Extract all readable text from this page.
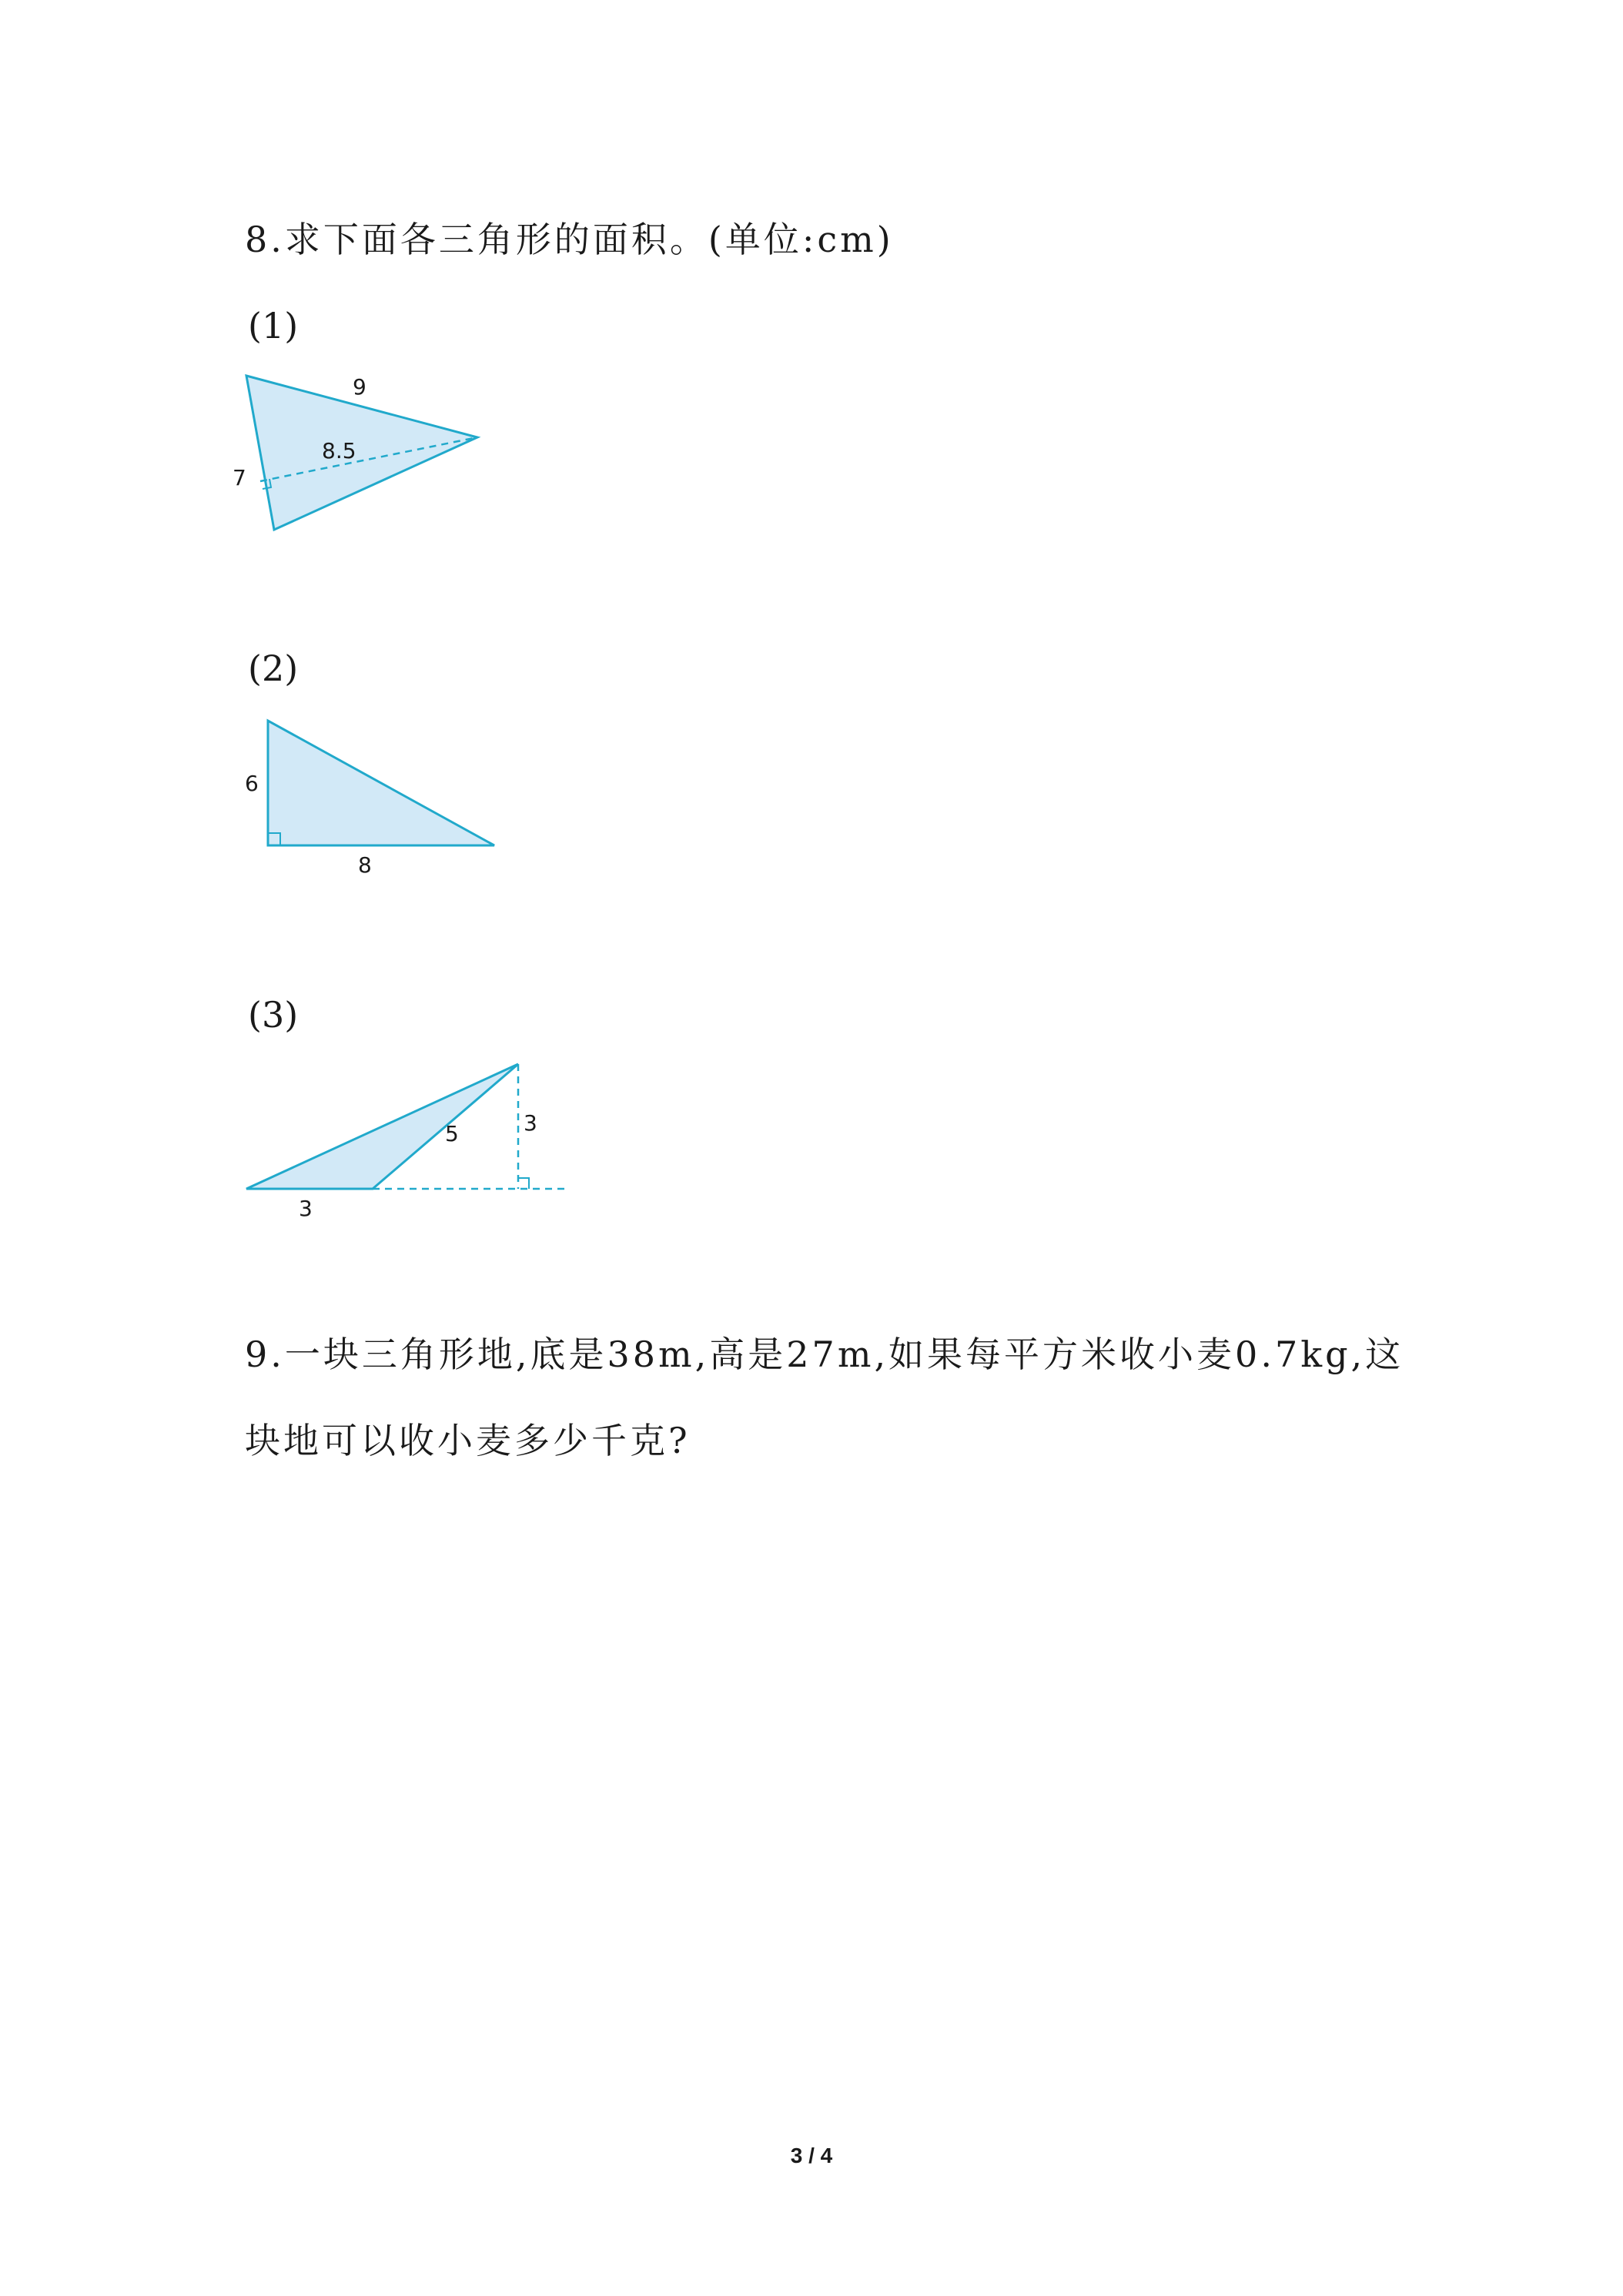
8.求下面各三角形的面积。(单位:cm)
(1)
9
8.5
7
(2)
6
8
(3)
3
5	3
9.一块三角形地,底是38m,高是27m,如果每平方米收小麦0.7kg,这
块地可以收小麦多少千克?
3 / 4
